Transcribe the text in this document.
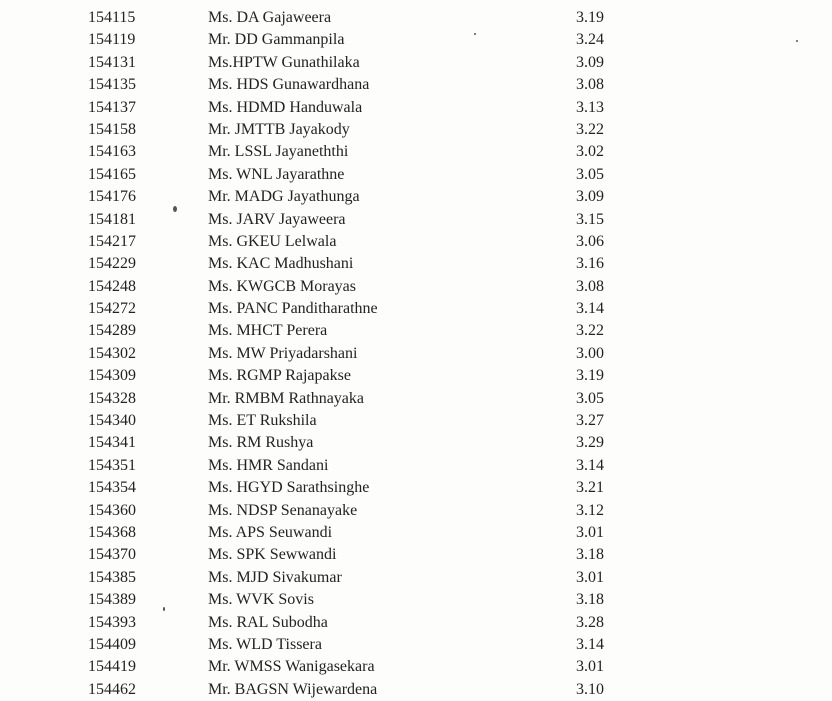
154115	Ms. DA Gajaweera	3.19
154119	Mr. DD Gammanpila	3.24
154131	Ms.HPTW Gunathilaka	3.09
154135	Ms. HDS Gunawardhana	3.08
154137	Ms. HDMD Handuwala	3.13
154158	Mr. JMTTB Jayakody	3.22
154163	Mr. LSSL Jayaneththi	3.02
154165	Ms. WNL Jayarathne	3.05
154176	Mr. MADG Jayathunga	3.09
154181	Ms. JARV Jayaweera	3.15
154217	Ms. GKEU Lelwala	3.06
154229	Ms. KAC Madhushani	3.16
154248	Ms. KWGCB Morayas	3.08
154272	Ms. PANC Panditharathne	3.14
154289	Ms. MHCT Perera	3.22
154302	Ms. MW Priyadarshani	3.00
154309	Ms. RGMP Rajapakse	3.19
154328	Mr. RMBM Rathnayaka	3.05
154340	Ms. ET Rukshila	3.27
154341	Ms. RM Rushya	3.29
154351	Ms. HMR Sandani	3.14
154354	Ms. HGYD Sarathsinghe	3.21
154360	Ms. NDSP Senanayake	3.12
154368	Ms. APS Seuwandi	3.01
154370	Ms. SPK Sewwandi	3.18
154385	Ms. MJD Sivakumar	3.01
154389	Ms. WVK Sovis	3.18
154393	Ms. RAL Subodha	3.28
154409	Ms. WLD Tissera	3.14
154419	Mr. WMSS Wanigasekara	3.01
154462	Mr. BAGSN Wijewardena	3.10
